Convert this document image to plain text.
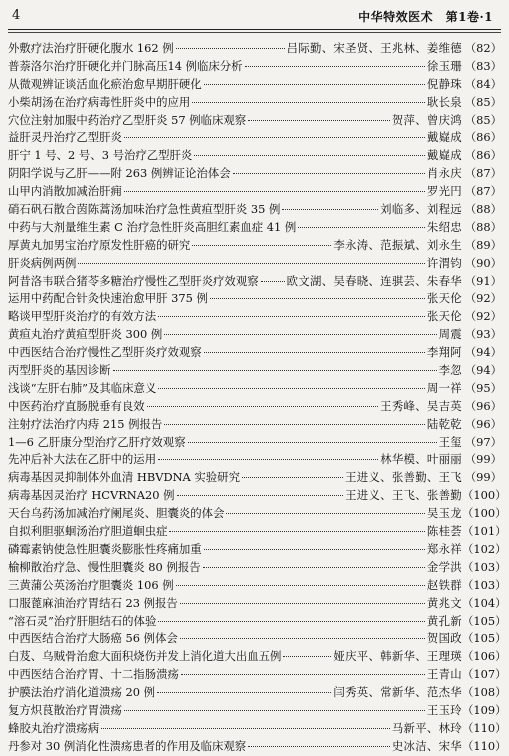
4	中华特效医术　第1卷·1
外敷疗法治疗肝硬化腹水 162 例	吕际勤、宋圣贤、王兆林、姜维德 （82）
普萘洛尔治疗肝硬化并门脉高压14 例临床分析	徐玉珊 （83）
从微观辨证谈活血化瘀治愈早期肝硬化	倪静珠 （84）
小柴胡汤在治疗病毒性肝炎中的应用	耿长泉 （85）
穴位注射加服中药治疗乙型肝炎 57 例临床观察	贺萍、曾庆鸿 （85）
益肝灵丹治疗乙型肝炎	戴嶷成 （86）
肝宁 1 号、2 号、3 号治疗乙型肝炎	戴嶷成 （86）
阴阳学说与乙肝——附 263 例辨证论治体会	肖永庆 （87）
山甲内消散加减治肝痈	罗光円 （87）
硝石矾石散合茵陈蒿汤加味治疗急性黄疸型肝炎 35 例	刘临多、刘程远 （88）
中药与大剂量维生素 C 治疗急性肝炎高胆红素血症 41 例	朱绍忠 （88）
厚黄丸加男宝治疗原发性肝癌的研究	李永涛、范振斌、刘永生 （89）
肝炎病例两例	许渭钧 （90）
阿昔洛韦联合猪苓多糖治疗慢性乙型肝炎疗效观察 欧文湖、吴春晓、连骐芸、朱春华 （91）
运用中药配合针灸快速治愈甲肝 375 例	张天伦 （92）
略谈甲型肝炎治疗的有效方法	张天伦 （92）
黄疸丸治疗黄疸型肝炎 300 例	周震 （93）
中西医结合治疗慢性乙型肝炎疗效观察	李翔阿 （94）
丙型肝炎的基因诊断	李忽 （94）
浅谈“左肝右肺”及其临床意义	周一祥 （95）
中医药治疗直肠脱垂有良效	王秀峰、吴吉英 （96）
注射疗法治疗内痔 215 例报告	陆乾乾 （96）
1—6 乙肝康分型治疗乙肝疗效观察	王玺 （97）
先冲后补大法在乙肝中的运用	林华模、叶丽丽 （99）
病毒基因灵抑制体外血清 HBVDNA 实验研究	王进义、张善勤、王飞 （99）
病毒基因灵治疗 HCVRNA20 例	王进义、王飞、张善勤 （100）
天台乌药汤加减治疗阑尾炎、胆囊炎的体会	吴玉龙 （100）
自拟利胆驱蛔汤治疗胆道蛔虫症	陈桂荟 （101）
磷霉素钠使急性胆囊炎膨胀性疼痛加重	郑永祥 （102）
榆柳散治疗急、慢性胆囊炎 80 例报告	金学洪 （103）
三黄蒲公英汤治疗胆囊炎 106 例	赵铁群 （103）
口服蓖麻油治疗胃结石 23 例报告	黄兆文 （104）
“溶石灵”治疗肝胆结石的体验	黄孔新 （105）
中西医结合治疗大肠癌 56 例体会	贺国政 （105）
白芨、乌贼骨治愈大面积烧伤并发上消化道大出血五例	娅庆平、韩新华、王理瑛 （106）
中西医结合治疗胃、十二指肠溃疡	王青山 （107）
护膜法治疗消化道溃疡 20 例	闫秀英、常新华、范杰华 （108）
复方炽茛散治疗胃溃疡	王玉玲 （109）
蜂胶丸治疗溃疡病	马新平、林玲 （110）
丹参对 30 例消化性溃疡患者的作用及临床观察	史冰洁、宋华 （110）
